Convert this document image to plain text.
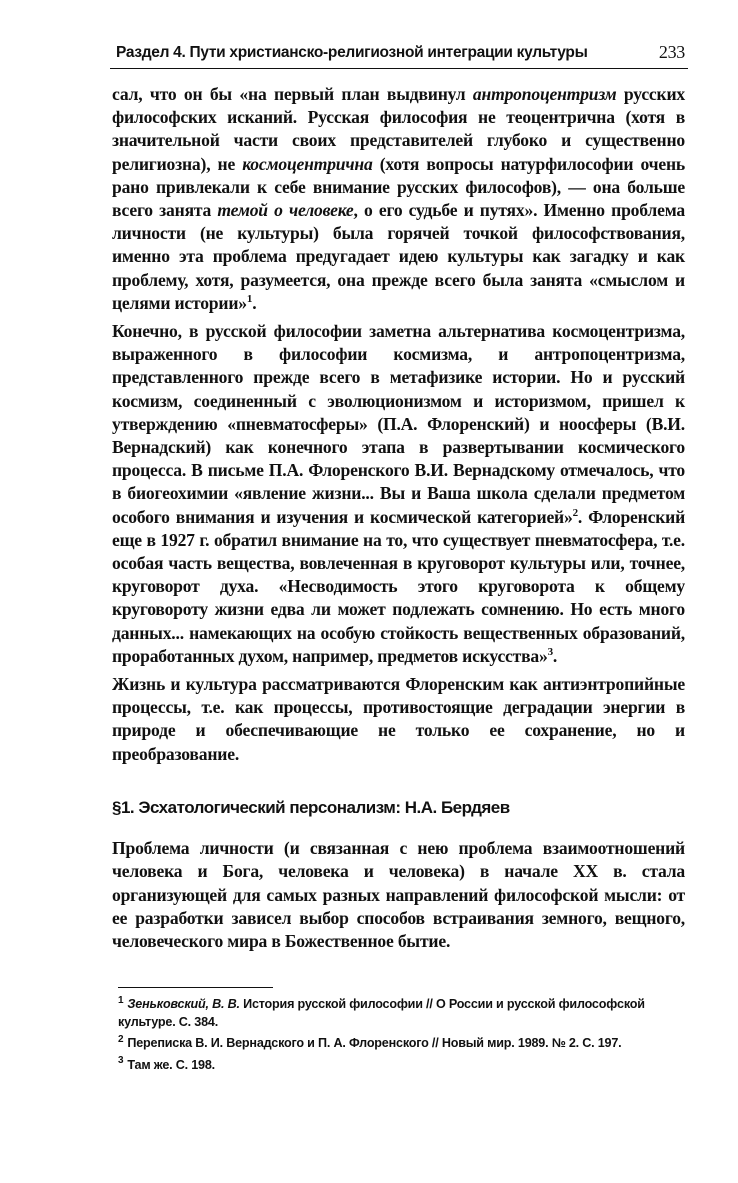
Раздел 4. Пути христианско-религиозной интеграции культуры	233

сал, что он бы «на первый план выдвинул антропоцентризм русских философских исканий. Русская философия не теоцентрична (хотя в значительной части своих представителей глубоко и существенно религиозна), не космоцентрична (хотя вопросы натурфилософии очень рано привлекали к себе внимание русских философов), — она больше всего занята темой о человеке, о его судьбе и путях». Именно проблема личности (не культуры) была горячей точкой философствования, именно эта проблема предугадает идею культуры как загадку и как проблему, хотя, разумеется, она прежде всего была занята «смыслом и целями истории»$^1$.

Конечно, в русской философии заметна альтернатива космоцентризма, выраженного в философии космизма, и антропоцентризма, представленного прежде всего в метафизике истории. Но и русский космизм, соединенный с эволюционизмом и историзмом, пришел к утверждению «пневматосферы» (П.А. Флоренский) и ноосферы (В.И. Вернадский) как конечного этапа в развертывании космического процесса. В письме П.А. Флоренского В.И. Вернадскому отмечалось, что в биогеохимии «явление жизни... Вы и Ваша школа сделали предметом особого внимания и изучения и космической категорией»$^2$. Флоренский еще в 1927 г. обратил внимание на то, что существует пневматосфера, т.е. особая часть вещества, вовлеченная в круговорот культуры или, точнее, круговорот духа. «Несводимость этого круговорота к общему круговороту жизни едва ли может подлежать сомнению. Но есть много данных... намекающих на особую стойкость вещественных образований, проработанных духом, например, предметов искусства»$^3$.

Жизнь и культура рассматриваются Флоренским как антиэнтропийные процессы, т.е. как процессы, противостоящие деградации энергии в природе и обеспечивающие не только ее сохранение, но и преобразование.

§1. Эсхатологический персонализм: Н.А. Бердяев

Проблема личности (и связанная с нею проблема взаимоотношений человека и Бога, человека и человека) в начале XX в. стала организующей для самых разных направлений философской мысли: от ее разработки зависел выбор способов встраивания земного, вещного, человеческого мира в Божественное бытие.

$^1$ Зеньковский, В. В. История русской философии // О России и русской философской культуре. С. 384.

$^2$ Переписка В. И. Вернадского и П. А. Флоренского // Новый мир. 1989. № 2. С. 197.

$^3$ Там же. С. 198.
